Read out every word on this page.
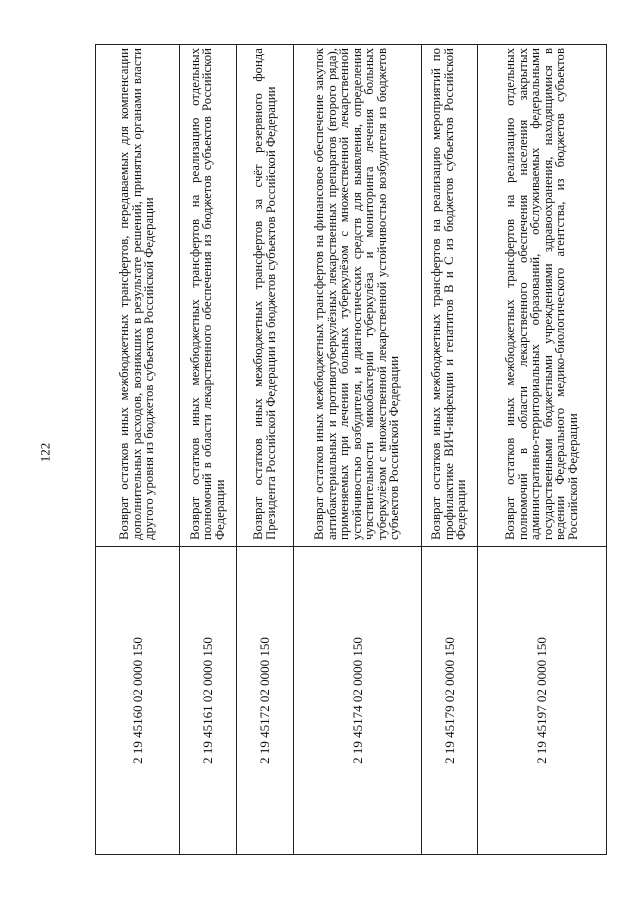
122
2 19 45160 02 0000 150	Возврат остатков иных межбюджетных трансфертов, передаваемых для компенсации дополнительных расходов, возникших в результате решений, принятых органами власти другого уровня из бюджетов субъектов Российской Федерации
2 19 45161 02 0000 150	Возврат остатков иных межбюджетных трансфертов на реализацию отдельных полномочий в области лекарственного обеспечения из бюджетов субъектов Российской Федерации
2 19 45172 02 0000 150	Возврат остатков иных межбюджетных трансфертов за счёт резервного фонда Президента Российской Федерации из бюджетов субъектов Российской Федерации
2 19 45174 02 0000 150	Возврат остатков иных межбюджетных трансфертов на финансовое обеспечение закупок антибактериальных и противотуберкулёзных лекарственных препаратов (второго ряда), применяемых при лечении больных туберкулёзом с множественной лекарственной устойчивостью возбудителя, и диагностических средств для выявления, определения чувствительности микобактерии туберкулёза и мониторинга лечения больных туберкулёзом с множественной лекарственной устойчивостью возбудителя из бюджетов субъектов Российской Федерации
2 19 45179 02 0000 150	Возврат остатков иных межбюджетных трансфертов на реализацию мероприятий по профилактике ВИЧ-инфекции и гепатитов B и C из бюджетов субъектов Российской Федерации
2 19 45197 02 0000 150	Возврат остатков иных межбюджетных трансфертов на реализацию отдельных полномочий в области лекарственного обеспечения населения закрытых административно-территориальных образований, обслуживаемых федеральными государственными бюджетными учреждениями здравоохранения, находящимися в ведении Федерального медико-биологического агентства, из бюджетов субъектов Российской Федерации
